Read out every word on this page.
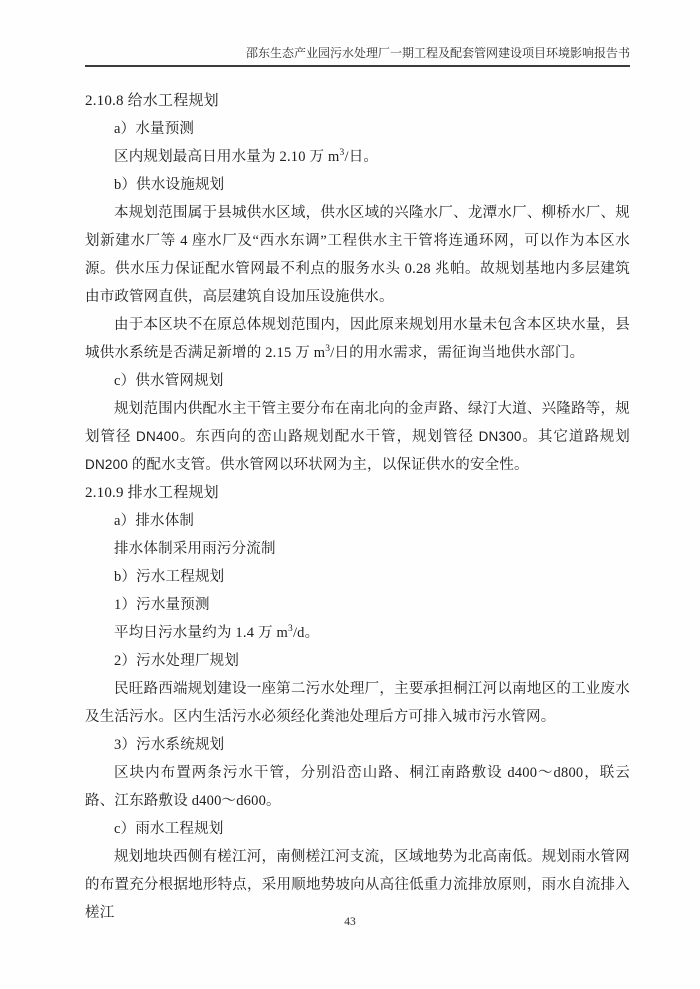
邵东生态产业园污水处理厂一期工程及配套管网建设项目环境影响报告书

2.10.8 给水工程规划

a）水量预测

区内规划最高日用水量为 2.10 万 $m^3/$日。

b）供水设施规划

本规划范围属于县城供水区域，供水区域的兴隆水厂、龙潭水厂、柳桥水厂、规划新建水厂等 4 座水厂及“西水东调”工程供水主干管将连通环网，可以作为本区水源。供水压力保证配水管网最不利点的服务水头 0.28 兆帕。故规划基地内多层建筑由市政管网直供，高层建筑自设加压设施供水。

由于本区块不在原总体规划范围内，因此原来规划用水量未包含本区块水量，县城供水系统是否满足新增的 2.15 万 $m^3/$日的用水需求，需征询当地供水部门。

c）供水管网规划

规划范围内供配水主干管主要分布在南北向的金声路、绿汀大道、兴隆路等，规划管径 DN400。东西向的峦山路规划配水干管，规划管径 DN300。其它道路规划 DN200 的配水支管。供水管网以环状网为主，以保证供水的安全性。

2.10.9 排水工程规划

a）排水体制

排水体制采用雨污分流制

b）污水工程规划

1）污水量预测

平均日污水量约为 1.4 万 $m^3/d$。

2）污水处理厂规划

民旺路西端规划建设一座第二污水处理厂，主要承担桐江河以南地区的工业废水及生活污水。区内生活污水必须经化粪池处理后方可排入城市污水管网。

3）污水系统规划

区块内布置两条污水干管，分别沿峦山路、桐江南路敷设 d400～d800，联云路、江东路敷设 d400～d600。

c）雨水工程规划

规划地块西侧有槎江河，南侧槎江河支流，区域地势为北高南低。规划雨水管网的布置充分根据地形特点，采用顺地势坡向从高往低重力流排放原则，雨水自流排入槎江

43
